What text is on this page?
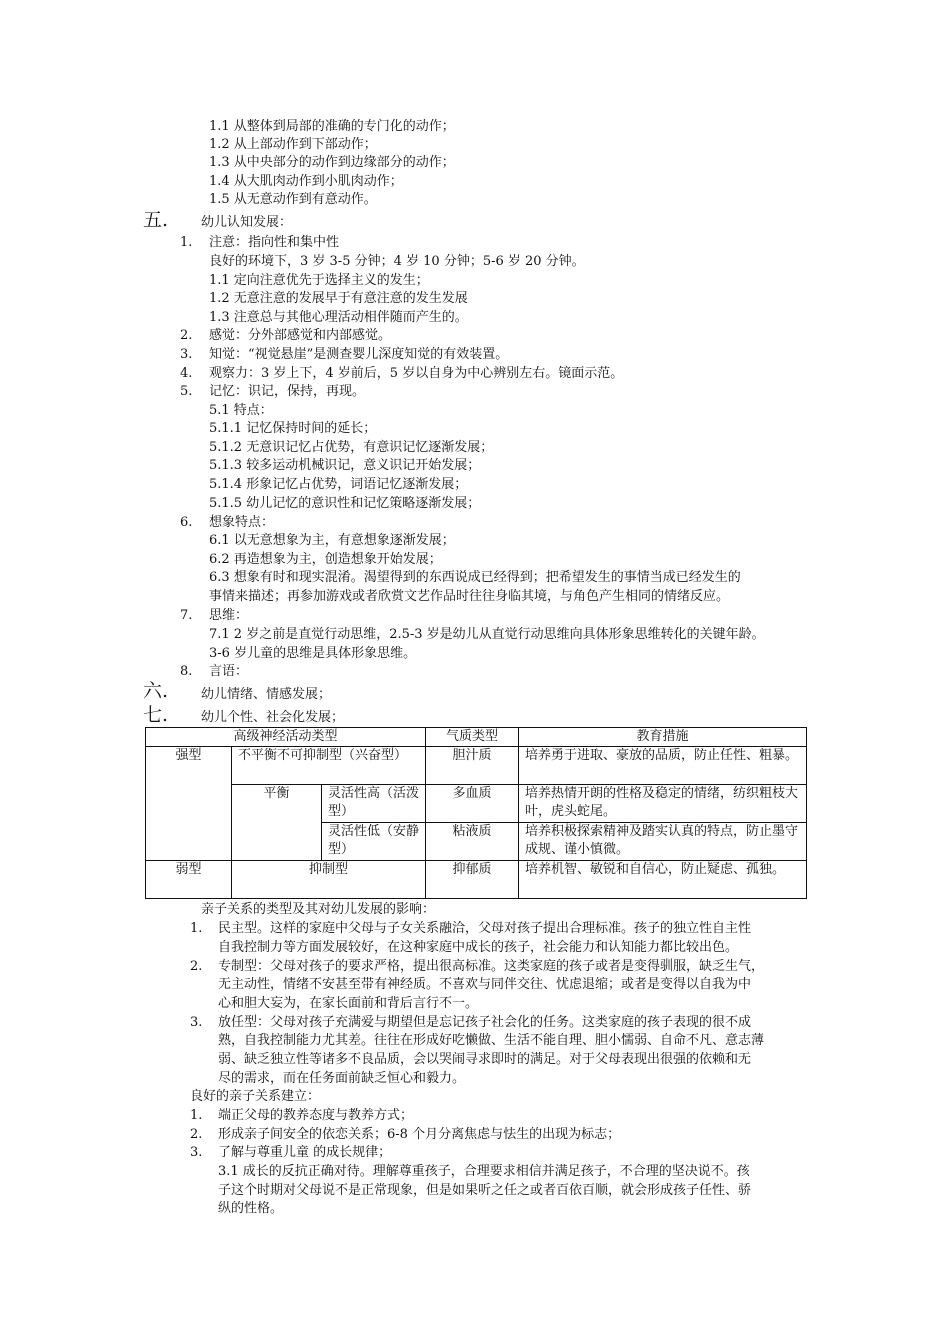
1.1 从整体到局部的准确的专门化的动作；
1.2 从上部动作到下部动作；
1.3 从中央部分的动作到边缘部分的动作；
1.4 从大肌肉动作到小肌肉动作；
1.5 从无意动作到有意动作。
五.	幼儿认知发展：
1. 注意：指向性和集中性
良好的环境下，3 岁 3-5 分钟；4 岁 10 分钟；5-6 岁 20 分钟。
1.1 定向注意优先于选择主义的发生；
1.2 无意注意的发展早于有意注意的发生发展
1.3 注意总与其他心理活动相伴随而产生的。
2. 感觉：分外部感觉和内部感觉。
3. 知觉：“视觉悬崖”是测查婴儿深度知觉的有效装置。
4. 观察力：3 岁上下，4 岁前后，5 岁以自身为中心辨别左右。镜面示范。
5. 记忆：识记，保持，再现。
5.1 特点：
5.1.1 记忆保持时间的延长；
5.1.2 无意识记忆占优势，有意识记忆逐渐发展；
5.1.3 较多运动机械识记，意义识记开始发展；
5.1.4 形象记忆占优势，词语记忆逐渐发展；
5.1.5 幼儿记忆的意识性和记忆策略逐渐发展；
6. 想象特点：
6.1 以无意想象为主，有意想象逐渐发展；
6.2 再造想象为主，创造想象开始发展；
6.3 想象有时和现实混淆。渴望得到的东西说成已经得到；把希望发生的事情当成已经发生的
事情来描述；再参加游戏或者欣赏文艺作品时往往身临其境，与角色产生相同的情绪反应。
7. 思维：
7.1 2 岁之前是直觉行动思维，2.5-3 岁是幼儿从直觉行动思维向具体形象思维转化的关键年龄。
3-6 岁儿童的思维是具体形象思维。
8. 言语：
六.	幼儿情绪、情感发展；
七.	幼儿个性、社会化发展；
高级神经活动类型			气质类型	教育措施
强型	不平衡不可抑制型（兴奋型）		胆汁质	培养勇于进取、豪放的品质，防止任性、粗暴。
	平衡	灵活性高（活泼型）	多血质	培养热情开朗的性格及稳定的情绪，纺织粗枝大叶，虎头蛇尾。
		灵活性低（安静型）	粘液质	培养积极探索精神及踏实认真的特点，防止墨守成规、谨小慎微。
弱型	抑制型		抑郁质	培养机智、敏锐和自信心，防止疑虑、孤独。
亲子关系的类型及其对幼儿发展的影响：
1. 民主型。这样的家庭中父母与子女关系融洽，父母对孩子提出合理标准。孩子的独立性自主性
自我控制力等方面发展较好，在这种家庭中成长的孩子，社会能力和认知能力都比较出色。
2. 专制型：父母对孩子的要求严格，提出很高标准。这类家庭的孩子或者是变得驯服，缺乏生气，
无主动性，情绪不安甚至带有神经质。不喜欢与同伴交往、忧虑退缩；或者是变得以自我为中
心和胆大妄为，在家长面前和背后言行不一。
3. 放任型：父母对孩子充满爱与期望但是忘记孩子社会化的任务。这类家庭的孩子表现的很不成
熟，自我控制能力尤其差。往往在形成好吃懒做、生活不能自理、胆小懦弱、自命不凡、意志薄
弱、缺乏独立性等诸多不良品质，会以哭闹寻求即时的满足。对于父母表现出很强的依赖和无
尽的需求，而在任务面前缺乏恒心和毅力。
良好的亲子关系建立：
1. 端正父母的教养态度与教养方式；
2. 形成亲子间安全的依恋关系；6-8 个月分离焦虑与怯生的出现为标志；
3. 了解与尊重儿童 的成长规律；
3.1 成长的反抗正确对待。理解尊重孩子，合理要求相信并满足孩子，不合理的坚决说不。孩
子这个时期对父母说不是正常现象，但是如果听之任之或者百依百顺，就会形成孩子任性、骄
纵的性格。
